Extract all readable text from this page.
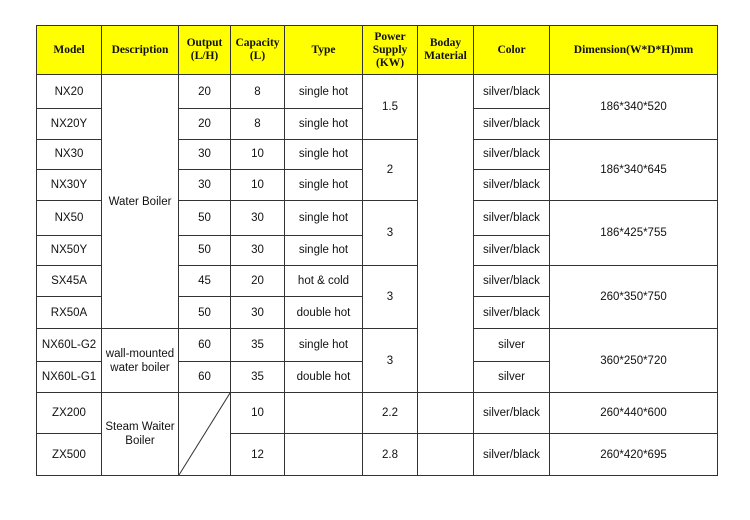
Model	Description	Output (L/H)	Capacity (L)	Type	Power Supply (KW)	Boday Material	Color	Dimension(W*D*H)mm
NX20	Water Boiler	20	8	single hot	1.5		silver/black	186*340*520
NX20Y		20	8	single hot			silver/black	
NX30		30	10	single hot	2		silver/black	186*340*645
NX30Y		30	10	single hot			silver/black	
NX50		50	30	single hot	3		silver/black	186*425*755
NX50Y		50	30	single hot			silver/black	
SX45A		45	20	hot & cold	3		silver/black	260*350*750
RX50A		50	30	double hot			silver/black	
NX60L-G2	wall-mounted water boiler	60	35	single hot	3		silver	360*250*720
NX60L-G1		60	35	double hot			silver	
ZX200	Steam Waiter Boiler		10		2.2		silver/black	260*440*600
ZX500			12		2.8		silver/black	260*420*695
